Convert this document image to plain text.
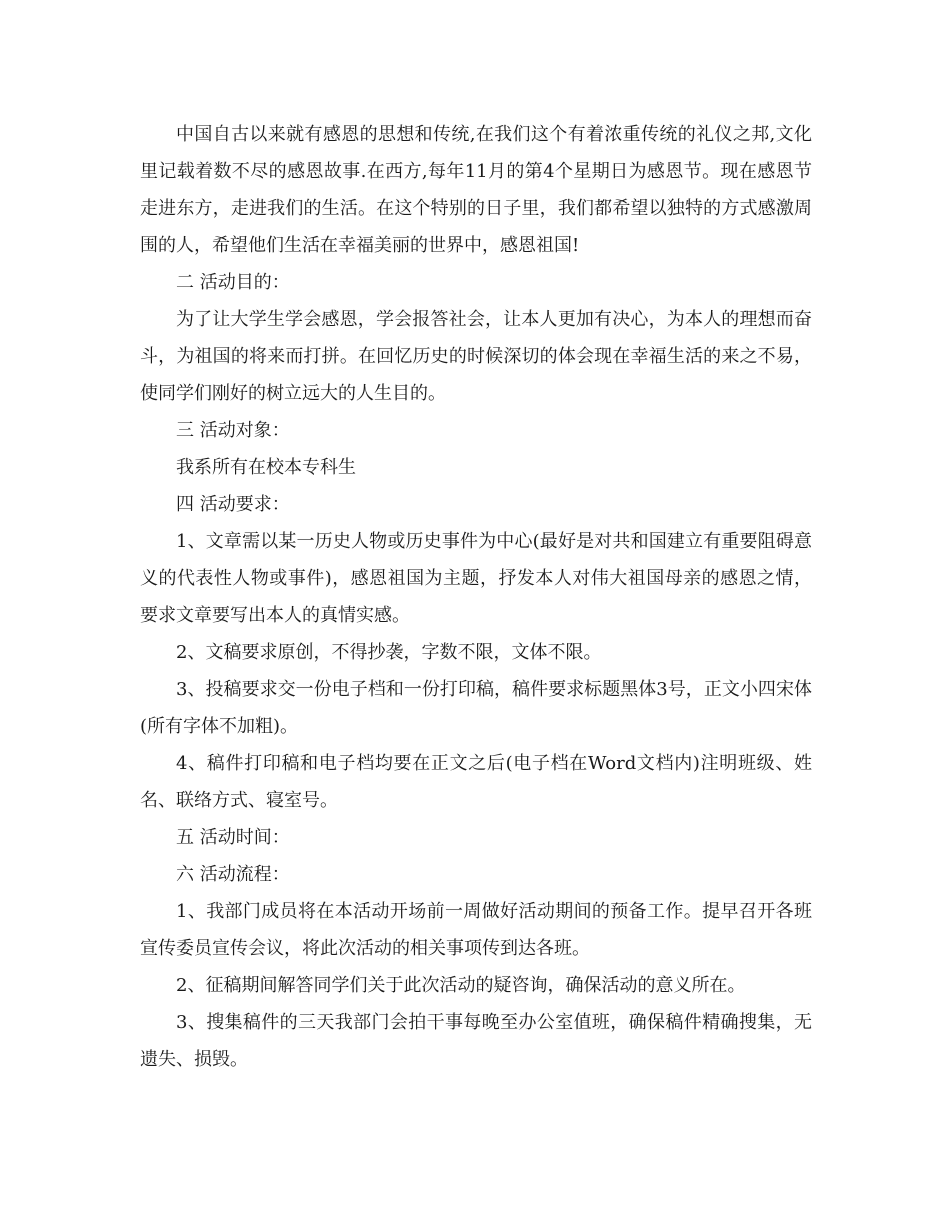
中国自古以来就有感恩的思想和传统,在我们这个有着浓重传统的礼仪之邦,文化里记载着数不尽的感恩故事.在西方,每年11月的第4个星期日为感恩节。现在感恩节走进东方，走进我们的生活。在这个特别的日子里，我们都希望以独特的方式感激周围的人，希望他们生活在幸福美丽的世界中，感恩祖国!

二 活动目的：

为了让大学生学会感恩，学会报答社会，让本人更加有决心，为本人的理想而奋斗，为祖国的将来而打拼。在回忆历史的时候深切的体会现在幸福生活的来之不易，使同学们刚好的树立远大的人生目的。

三 活动对象：

我系所有在校本专科生

四 活动要求：

1、文章需以某一历史人物或历史事件为中心(最好是对共和国建立有重要阻碍意义的代表性人物或事件)，感恩祖国为主题，抒发本人对伟大祖国母亲的感恩之情，要求文章要写出本人的真情实感。

2、文稿要求原创，不得抄袭，字数不限，文体不限。

3、投稿要求交一份电子档和一份打印稿，稿件要求标题黑体3号，正文小四宋体(所有字体不加粗)。

4、稿件打印稿和电子档均要在正文之后(电子档在Word文档内)注明班级、姓名、联络方式、寝室号。

五 活动时间：

六 活动流程：

1、我部门成员将在本活动开场前一周做好活动期间的预备工作。提早召开各班宣传委员宣传会议，将此次活动的相关事项传到达各班。

2、征稿期间解答同学们关于此次活动的疑咨询，确保活动的意义所在。

3、搜集稿件的三天我部门会拍干事每晚至办公室值班，确保稿件精确搜集，无遗失、损毁。
